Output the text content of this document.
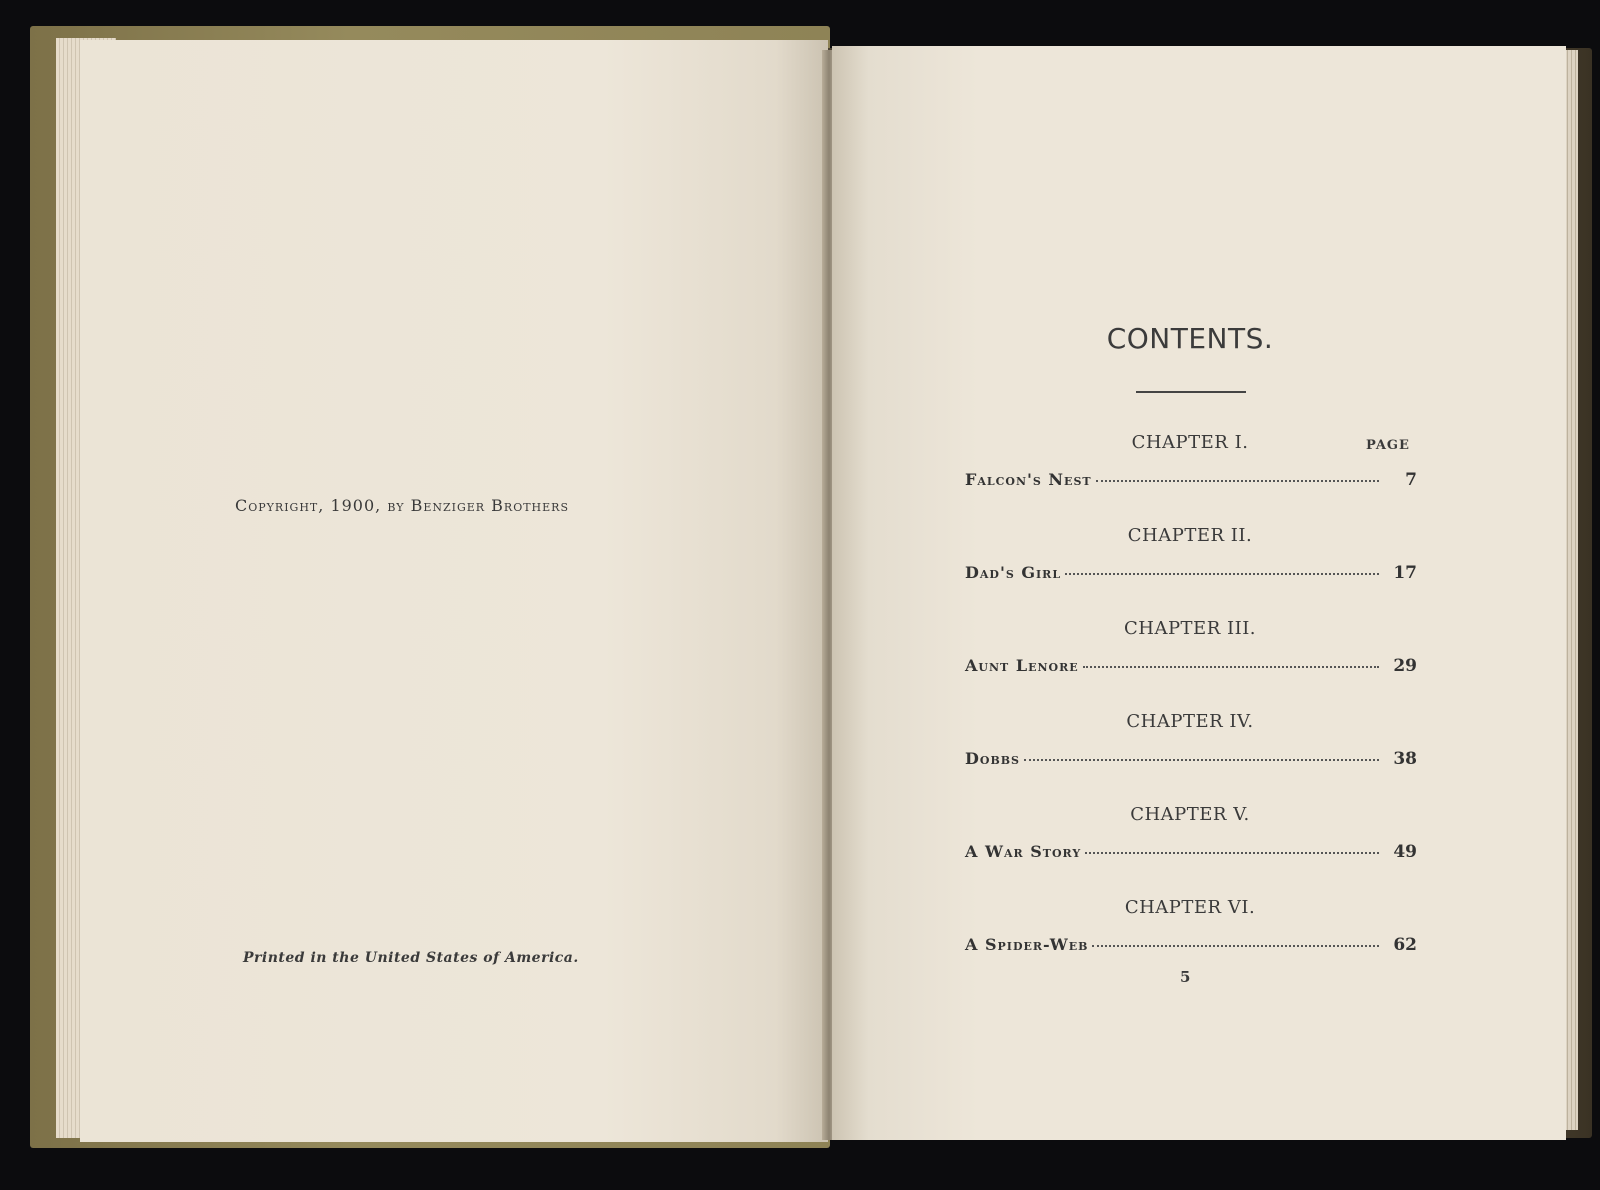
Copyright, 1900, by Benziger Brothers
Printed in the United States of America.
CONTENTS.
PAGE
CHAPTER I.
Falcon's Nest	7
CHAPTER II.
Dad's Girl	17
CHAPTER III.
Aunt Lenore	29
CHAPTER IV.
Dobbs	38
CHAPTER V.
A War Story	49
CHAPTER VI.
A Spider-Web	62
5
